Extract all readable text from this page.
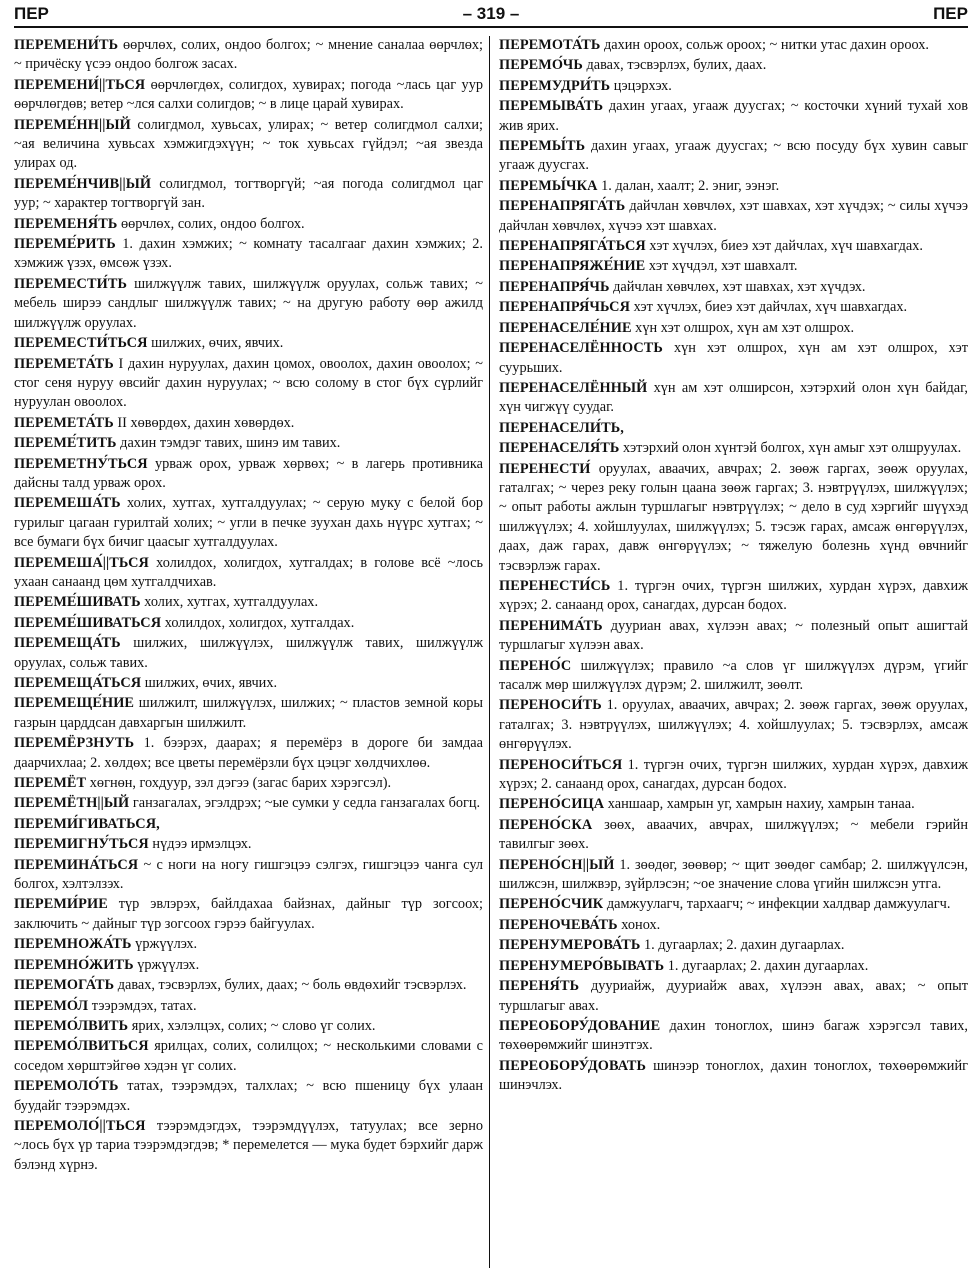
ПЕР	– 319 –	ПЕР

ПЕРЕМЕНИ́ТЬ өөрчлөх, солих, ондоо болгох; ~ мнение саналаа өөрчлөх; ~ причёску үсээ ондоо болгож засах.

ПЕРЕМЕНИ́||ТЬСЯ өөрчлөгдөх, солигдох, хувирах; погода ~лась цаг уур өөрчлөгдөв; ветер ~лся салхи солигдов; ~ в лице царай хувирах.

ПЕРЕМЕ́НН||ЫЙ солигдмол, хувьсах, улирах; ~ ветер солигдмол салхи; ~ая величина хувьсах хэмжигдэхүүн; ~ ток хувьсах гүйдэл; ~ая звезда улирах од.

ПЕРЕМЕ́НЧИВ||ЫЙ солигдмол, тогтворгүй; ~ая погода солигдмол цаг уур; ~ характер тогтворгүй зан.

ПЕРЕМЕНЯ́ТЬ өөрчлөх, солих, ондоо болгох.

ПЕРЕМЕ́РИТЬ 1. дахин хэмжих; ~ комнату тасалгааг дахин хэмжих; 2. хэмжиж үзэх, өмсөж үзэх.

ПЕРЕМЕСТИ́ТЬ шилжүүлж тавих, шилжүүлж оруулах, сольж тавих; ~ мебель ширээ сандлыг шилжүүлж тавих; ~ на другую работу өөр ажилд шилжүүлж оруулах.

ПЕРЕМЕСТИ́ТЬСЯ шилжих, өчих, явчих.

ПЕРЕМЕТА́ТЬ I дахин нуруулах, дахин цомох, овоолох, дахин овоолох; ~ стог сеня нуруу өвсийг дахин нуруулах; ~ всю солому в стог бүх сүрлийг нуруулан овоолох.

ПЕРЕМЕТА́ТЬ II хөвөрдөх, дахин хөвөрдөх.

ПЕРЕМЕ́ТИТЬ дахин тэмдэг тавих, шинэ им тавих.

ПЕРЕМЕТНУ́ТЬСЯ урваж орох, урваж хөрвөх; ~ в лагерь противника дайсны талд урваж орох.

ПЕРЕМЕША́ТЬ холих, хутгах, хутгалдуулах; ~ серую муку с белой бор гурилыг цагаан гурилтай холих; ~ угли в печке зуухан дахь нүүрс хутгах; ~ все бумаги бүх бичиг цаасыг хутгалдуулах.

ПЕРЕМЕША́||ТЬСЯ холилдох, холигдох, хутгалдах; в голове всё ~лось ухаан санаанд цөм хутгалдчихав.

ПЕРЕМЕ́ШИВАТЬ холих, хутгах, хутгалдуулах.

ПЕРЕМЕ́ШИВАТЬСЯ холилдох, холигдох, хутгалдах.

ПЕРЕМЕЩА́ТЬ шилжих, шилжүүлэх, шилжүүлж тавих, шилжүүлж оруулах, сольж тавих.

ПЕРЕМЕЩА́ТЬСЯ шилжих, өчих, явчих.

ПЕРЕМЕЩЕ́НИЕ шилжилт, шилжүүлэх, шилжих; ~ пластов земной коры газрын царддсан давхаргын шилжилт.

ПЕРЕМЁРЗНУТЬ 1. бээрэх, даарах; я перемёрз в дороге би замдаа даарчихлаа; 2. хөлдөх; все цветы перемёрзли бүх цэцэг хөлдчихлөө.

ПЕРЕМЁТ хөгнөн, гохдуур, зэл дэгээ (загас барих хэрэгсэл).

ПЕРЕМЁТН||ЫЙ ганзагалах, эгэлдрэх; ~ые сумки у седла ганзагалах богц.

ПЕРЕМИ́ГИВАТЬСЯ,

ПЕРЕМИГНУ́ТЬСЯ нүдээ ирмэлцэх.

ПЕРЕМИНА́ТЬСЯ ~ с ноги на ногу гишгэцээ сэлгэх, гишгэцээ чанга сул болгох, хэлтэлзэх.

ПЕРЕМИ́РИЕ түр эвлэрэх, байлдахаа байзнах, дайныг түр зогсоох; заключить ~ дайныг түр зогсоох гэрээ байгуулах.

ПЕРЕМНОЖА́ТЬ үржүүлэх.

ПЕРЕМНО́ЖИТЬ үржүүлэх.

ПЕРЕМОГА́ТЬ давах, тэсвэрлэх, булих, даах; ~ боль өвдөхийг тэсвэрлэх.

ПЕРЕМО́Л тээрэмдэх, татах.

ПЕРЕМО́ЛВИТЬ ярих, хэлэлцэх, солих; ~ слово үг солих.

ПЕРЕМО́ЛВИТЬСЯ ярилцах, солих, солилцох; ~ несколькими словами с соседом хөрштэйгөө хэдэн үг солих.

ПЕРЕМОЛО́ТЬ татах, тээрэмдэх, талхлах; ~ всю пшеницу бүх улаан буудайг тээрэмдэх.

ПЕРЕМОЛО́||ТЬСЯ тээрэмдэгдэх, тээрэмдүүлэх, татуулах; все зерно ~лось бүх үр тариа тээрэмдэгдэв; * перемелется — мука будет бэрхийг дарж бэлэнд хүрнэ.

ПЕРЕМОТА́ТЬ дахин ороох, сольж ороох; ~ нитки утас дахин ороох.

ПЕРЕМО́ЧЬ давах, тэсвэрлэх, булих, даах.

ПЕРЕМУДРИ́ТЬ цэцэрхэх.

ПЕРЕМЫВА́ТЬ дахин угаах, угааж дуусгах; ~ косточки хүний тухай хов жив ярих.

ПЕРЕМЫ́ТЬ дахин угаах, угааж дуусгах; ~ всю посуду бүх хувин савыг угааж дуусгах.

ПЕРЕМЫ́ЧКА 1. далан, хаалт; 2. эниг, ээнэг.

ПЕРЕНАПРЯГА́ТЬ дайчлан хөвчлөх, хэт шавхах, хэт хүчдэх; ~ силы хүчээ дайчлан хөвчлөх, хүчээ хэт шавхах.

ПЕРЕНАПРЯГА́ТЬСЯ хэт хүчлэх, биеэ хэт дайчлах, хүч шавхагдах.

ПЕРЕНАПРЯЖЕ́НИЕ хэт хүчдэл, хэт шавхалт.

ПЕРЕНАПРЯ́ЧЬ дайчлан хөвчлөх, хэт шавхах, хэт хүчдэх.

ПЕРЕНАПРЯ́ЧЬСЯ хэт хүчлэх, биеэ хэт дайчлах, хүч шавхагдах.

ПЕРЕНАСЕЛЕ́НИЕ хүн хэт олшрох, хүн ам хэт олшрох.

ПЕРЕНАСЕЛЁННОСТЬ хүн хэт олшрох, хүн ам хэт олшрох, хэт суурьших.

ПЕРЕНАСЕЛЁННЫЙ хүн ам хэт олширсон, хэтэрхий олон хүн байдаг, хүн чигжүү суудаг.

ПЕРЕНАСЕЛИ́ТЬ,

ПЕРЕНАСЕЛЯ́ТЬ хэтэрхий олон хүнтэй болгох, хүн амыг хэт олшруулах.

ПЕРЕНЕСТИ́ оруулах, аваачих, авчрах; 2. зөөж гаргах, зөөж оруулах, гаталгах; ~ через реку голын цаана зөөж гаргах; 3. нэвтрүүлэх, шилжүүлэх; ~ опыт работы ажлын туршлагыг нэвтрүүлэх; ~ дело в суд хэргийг шүүхэд шилжүүлэх; 4. хойшлуулах, шилжүүлэх; 5. тэсэж гарах, амсаж өнгөрүүлэх, даах, даж гарах, давж өнгөрүүлэх; ~ тяжелую болезнь хүнд өвчнийг тэсвэрлэж гарах.

ПЕРЕНЕСТИ́СЬ 1. түргэн очих, түргэн шилжих, хурдан хүрэх, давхиж хүрэх; 2. санаанд орох, санагдах, дурсан бодох.

ПЕРЕНИМА́ТЬ дууриан авах, хүлээн авах; ~ полезный опыт ашигтай туршлагыг хүлээн авах.

ПЕРЕНО́С шилжүүлэх; правило ~а слов үг шилжүүлэх дүрэм, үгийг тасалж мөр шилжүүлэх дүрэм; 2. шилжилт, зөөлт.

ПЕРЕНОСИ́ТЬ 1. оруулах, аваачих, авчрах; 2. зөөж гаргах, зөөж оруулах, гаталгах; 3. нэвтрүүлэх, шилжүүлэх; 4. хойшлуулах; 5. тэсвэрлэх, амсаж өнгөрүүлэх.

ПЕРЕНОСИ́ТЬСЯ 1. түргэн очих, түргэн шилжих, хурдан хүрэх, давхиж хүрэх; 2. санаанд орох, санагдах, дурсан бодох.

ПЕРЕНО́СИЦА ханшаар, хамрын уг, хамрын нахиу, хамрын танаа.

ПЕРЕНО́СКА зөөх, аваачих, авчрах, шилжүүлэх; ~ мебели гэрийн тавилгыг зөөх.

ПЕРЕНО́СН||ЫЙ 1. зөөдөг, зөөвөр; ~ щит зөөдөг самбар; 2. шилжүүлсэн, шилжсэн, шилжвэр, зүйрлэсэн; ~ое значение слова үгийн шилжсэн утга.

ПЕРЕНО́СЧИК дамжуулагч, тархаагч; ~ инфекции халдвар дамжуулагч.

ПЕРЕНОЧЕВА́ТЬ хонох.

ПЕРЕНУМЕРОВА́ТЬ 1. дугаарлах; 2. дахин дугаарлах.

ПЕРЕНУМЕРО́ВЫВАТЬ 1. дугаарлах; 2. дахин дугаарлах.

ПЕРЕНЯ́ТЬ дууриайж, дууриайж авах, хүлээн авах, авах; ~ опыт туршлагыг авах.

ПЕРЕОБОРУ́ДОВАНИЕ дахин тоноглох, шинэ багаж хэрэгсэл тавих, төхөөрөмжийг шинэтгэх.

ПЕРЕОБОРУ́ДОВАТЬ шинээр тоноглох, дахин тоноглох, төхөөрөмжийг шинэчлэх.
